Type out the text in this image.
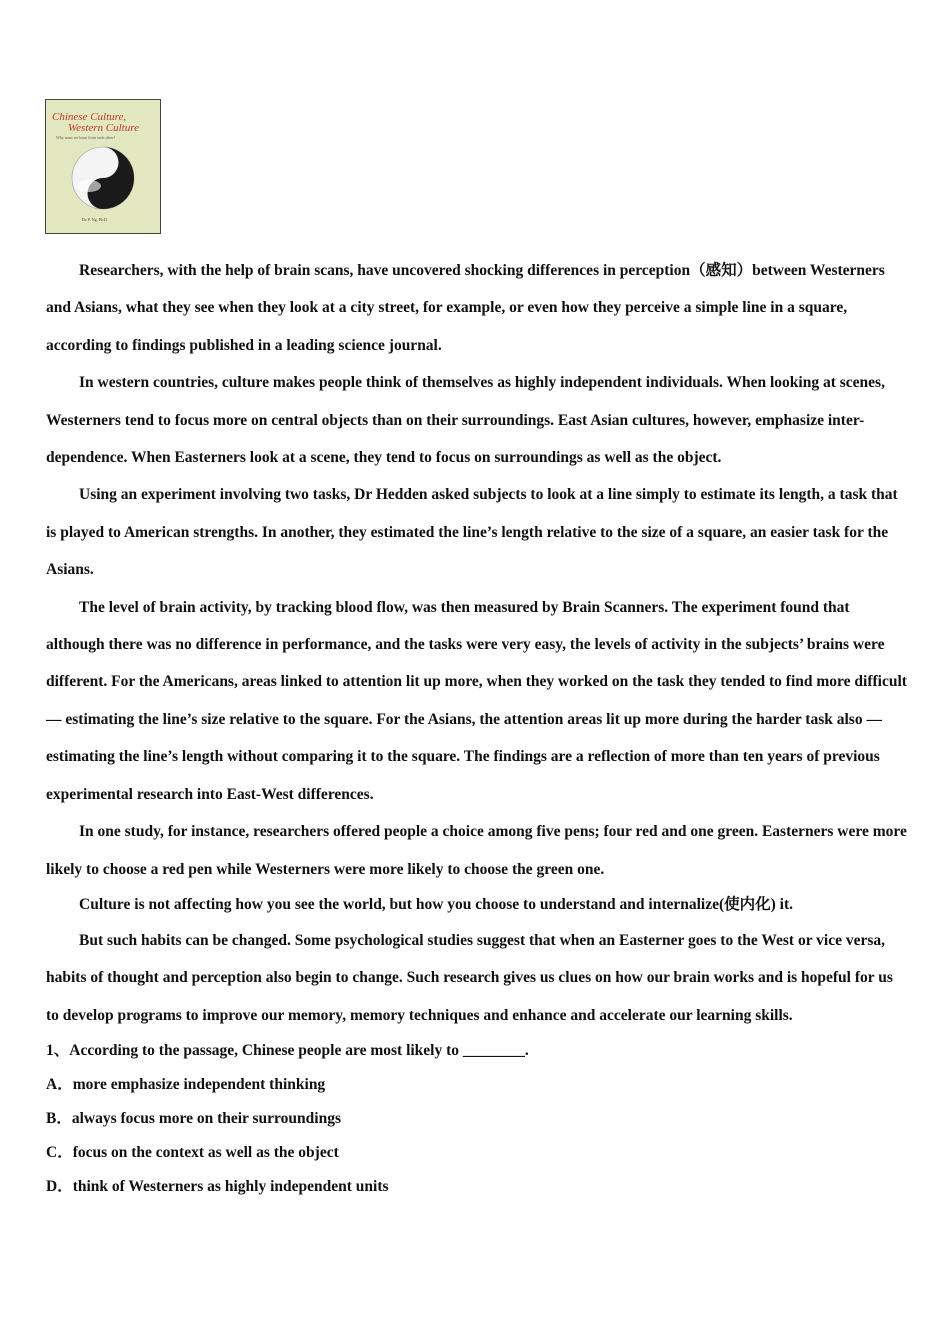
Chinese Culture,
Western Culture
Why must we learn from each other?
Dr. P. Ng, Ph.D.

Researchers, with the help of brain scans, have uncovered shocking differences in perception（感知）between Westerners and Asians, what they see when they look at a city street, for example, or even how they perceive a simple line in a square, according to findings published in a leading science journal.

In western countries, culture makes people think of themselves as highly independent individuals. When looking at scenes, Westerners tend to focus more on central objects than on their surroundings. East Asian cultures, however, emphasize inter-dependence. When Easterners look at a scene, they tend to focus on surroundings as well as the object.

Using an experiment involving two tasks, Dr Hedden asked subjects to look at a line simply to estimate its length, a task that is played to American strengths. In another, they estimated the line’s length relative to the size of a square, an easier task for the Asians.

The level of brain activity, by tracking blood flow, was then measured by Brain Scanners. The experiment found that although there was no difference in performance, and the tasks were very easy, the levels of activity in the subjects’ brains were different. For the Americans, areas linked to attention lit up more, when they worked on the task they tended to find more difficult — estimating the line’s size relative to the square. For the Asians, the attention areas lit up more during the harder task also — estimating the line’s length without comparing it to the square. The findings are a reflection of more than ten years of previous experimental research into East-West differences.

In one study, for instance, researchers offered people a choice among five pens; four red and one green. Easterners were more likely to choose a red pen while Westerners were more likely to choose the green one.

Culture is not affecting how you see the world, but how you choose to understand and internalize(使内化) it.

But such habits can be changed. Some psychological studies suggest that when an Easterner goes to the West or vice versa, habits of thought and perception also begin to change. Such research gives us clues on how our brain works and is hopeful for us to develop programs to improve our memory, memory techniques and enhance and accelerate our learning skills.

1、According to the passage, Chinese people are most likely to ________.

A．more emphasize independent thinking

B．always focus more on their surroundings

C．focus on the context as well as the object

D．think of Westerners as highly independent units
